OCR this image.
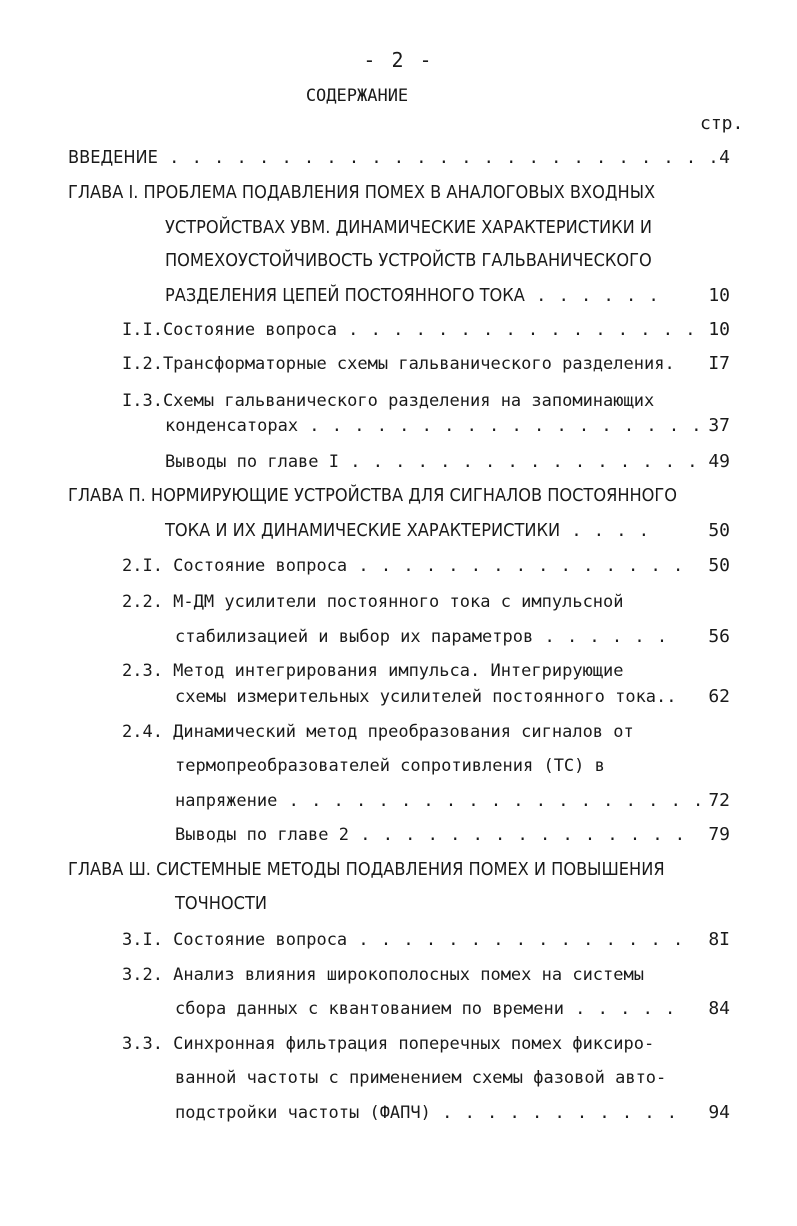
- 2 -
СОДЕРЖАНИЕ
стр.
ВВЕДЕНИЕ . . . . . . . . . . . . . . . . . . . . . . . . . 4
ГЛАВА I. ПРОБЛЕМА ПОДАВЛЕНИЯ ПОМЕХ В АНАЛОГОВЫХ ВХОДНЫХ
УСТРОЙСТВАХ УВМ. ДИНАМИЧЕСКИЕ ХАРАКТЕРИСТИКИ И
ПОМЕХОУСТОЙЧИВОСТЬ УСТРОЙСТВ ГАЛЬВАНИЧЕСКОГО
РАЗДЕЛЕНИЯ ЦЕПЕЙ ПОСТОЯННОГО ТОКА . . . . . .	10
I.I.Состояние вопроса . . . . . . . . . . . . . . . . 10
I.2.Трансформаторные схемы гальванического разделения.	I7
I.3.Схемы гальванического разделения на запоминающих
конденсаторах . . . . . . . . . . . . . . . . . . 37
Выводы по главе I . . . . . . . . . . . . . . . . 49
ГЛАВА П. НОРМИРУЮЩИЕ УСТРОЙСТВА ДЛЯ СИГНАЛОВ ПОСТОЯННОГО
ТОКА И ИХ ДИНАМИЧЕСКИЕ ХАРАКТЕРИСТИКИ . . . .	50
2.I. Состояние вопроса . . . . . . . . . . . . . . .	50
2.2. М-ДМ усилители постоянного тока с импульсной
стабилизацией и выбор их параметров . . . . . .	56
2.3. Метод интегрирования импульса. Интегрирующие
схемы измерительных усилителей постоянного тока..	62
2.4. Динамический метод преобразования сигналов от
термопреобразователей сопротивления (ТС) в
напряжение . . . . . . . . . . . . . . . . . . . 72
Выводы по главе 2 . . . . . . . . . . . . . . .	79
ГЛАВА Ш. СИСТЕМНЫЕ МЕТОДЫ ПОДАВЛЕНИЯ ПОМЕХ И ПОВЫШЕНИЯ
ТОЧНОСТИ
3.I. Состояние вопроса . . . . . . . . . . . . . . .	8I
3.2. Анализ влияния широкополосных помех на системы
сбора данных с квантованием по времени . . . . .	84
3.3. Синхронная фильтрация поперечных помех фиксиро-
ванной частоты с применением схемы фазовой авто-
подстройки частоты (ФАПЧ) . . . . . . . . . . .	94
